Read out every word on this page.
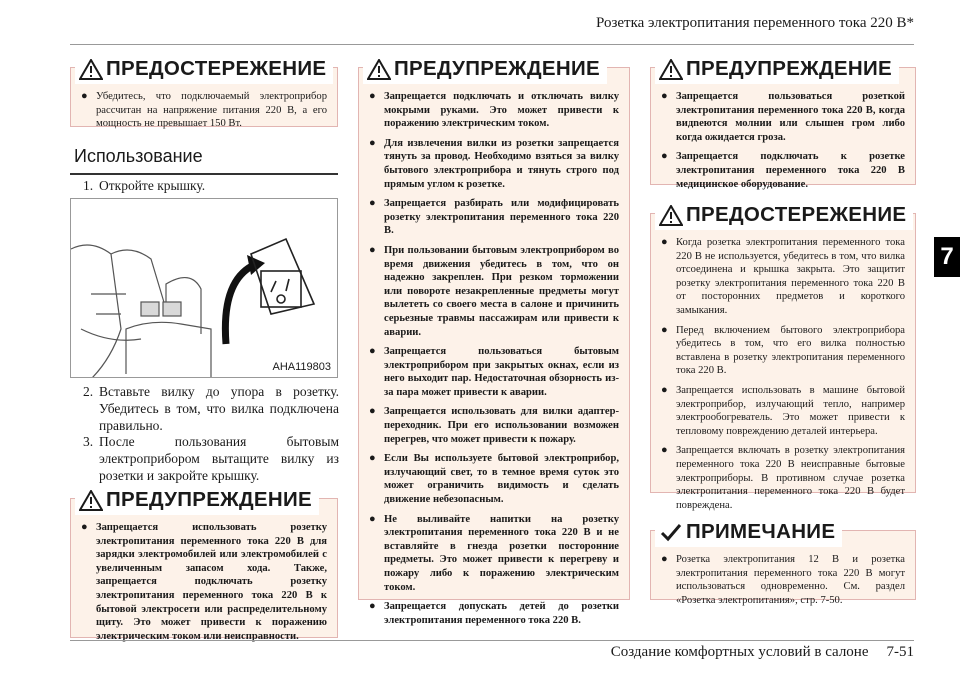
Розетка электропитания переменного тока 220 В*
7
ПРЕДОСТЕРЕЖЕНИЕ
● Убедитесь, что подключаемый электроприбор рассчитан на напряжение питания 220 В, а его мощность не превышает 150 Вт.
Использование
1. Откройте крышку.
AHA119803
2. Вставьте вилку до упора в розетку. Убедитесь в том, что вилка подключена правильно.
3. После пользования бытовым электроприбором вытащите вилку из розетки и закройте крышку.
ПРЕДУПРЕЖДЕНИЕ
● Запрещается использовать розетку электропитания переменного тока 220 В для зарядки электромобилей или электромобилей с увеличенным запасом хода. Также, запрещается подключать розетку электропитания переменного тока 220 В к бытовой электросети или распределительному щиту. Это может привести к поражению электрическим током или неисправности.
ПРЕДУПРЕЖДЕНИЕ
● Запрещается подключать и отключать вилку мокрыми руками. Это может привести к поражению электрическим током.
● Для извлечения вилки из розетки запрещается тянуть за провод. Необходимо взяться за вилку бытового электроприбора и тянуть строго под прямым углом к розетке.
● Запрещается разбирать или модифицировать розетку электропитания переменного тока 220 В.
● При пользовании бытовым электроприбором во время движения убедитесь в том, что он надежно закреплен. При резком торможении или повороте незакрепленные предметы могут вылететь со своего места в салоне и причинить серьезные травмы пассажирам или привести к аварии.
● Запрещается пользоваться бытовым электроприбором при закрытых окнах, если из него выходит пар. Недостаточная обзорность из-за пара может привести к аварии.
● Запрещается использовать для вилки адаптер-переходник. При его использовании возможен перегрев, что может привести к пожару.
● Если Вы используете бытовой электроприбор, излучающий свет, то в темное время суток это может ограничить видимость и сделать движение небезопасным.
● Не выливайте напитки на розетку электропитания переменного тока 220 В и не вставляйте в гнезда розетки посторонние предметы. Это может привести к перегреву и пожару либо к поражению электрическим током.
● Запрещается допускать детей до розетки электропитания переменного тока 220 В.
ПРЕДУПРЕЖДЕНИЕ
● Запрещается пользоваться розеткой электропитания переменного тока 220 В, когда видneются молнии или слышен гром либо когда ожидается гроза.
● Запрещается подключать к розетке электропитания переменного тока 220 В медицинское оборудование.
ПРЕДОСТЕРЕЖЕНИЕ
● Когда розетка электропитания переменного тока 220 В не используется, убедитесь в том, что вилка отсоединена и крышка закрыта. Это защитит розетку электропитания переменного тока 220 В от посторонних предметов и короткого замыкания.
● Перед включением бытового электроприбора убедитесь в том, что его вилка полностью вставлена в розетку электропитания переменного тока 220 В.
● Запрещается использовать в машине бытовой электроприбор, излучающий тепло, например электрообогреватель. Это может привести к тепловому повреждению деталей интерьера.
● Запрещается включать в розетку электропитания переменного тока 220 В неисправные бытовые электроприборы. В противном случае розетка электропитания переменного тока 220 В будет повреждена.
ПРИМЕЧАНИЕ
● Розетка электропитания 12 В и розетка электропитания переменного тока 220 В могут использоваться одновременно. См. раздел «Розетка электропитания», стр. 7-50.
Создание комфортных условий в салоне 7-51
